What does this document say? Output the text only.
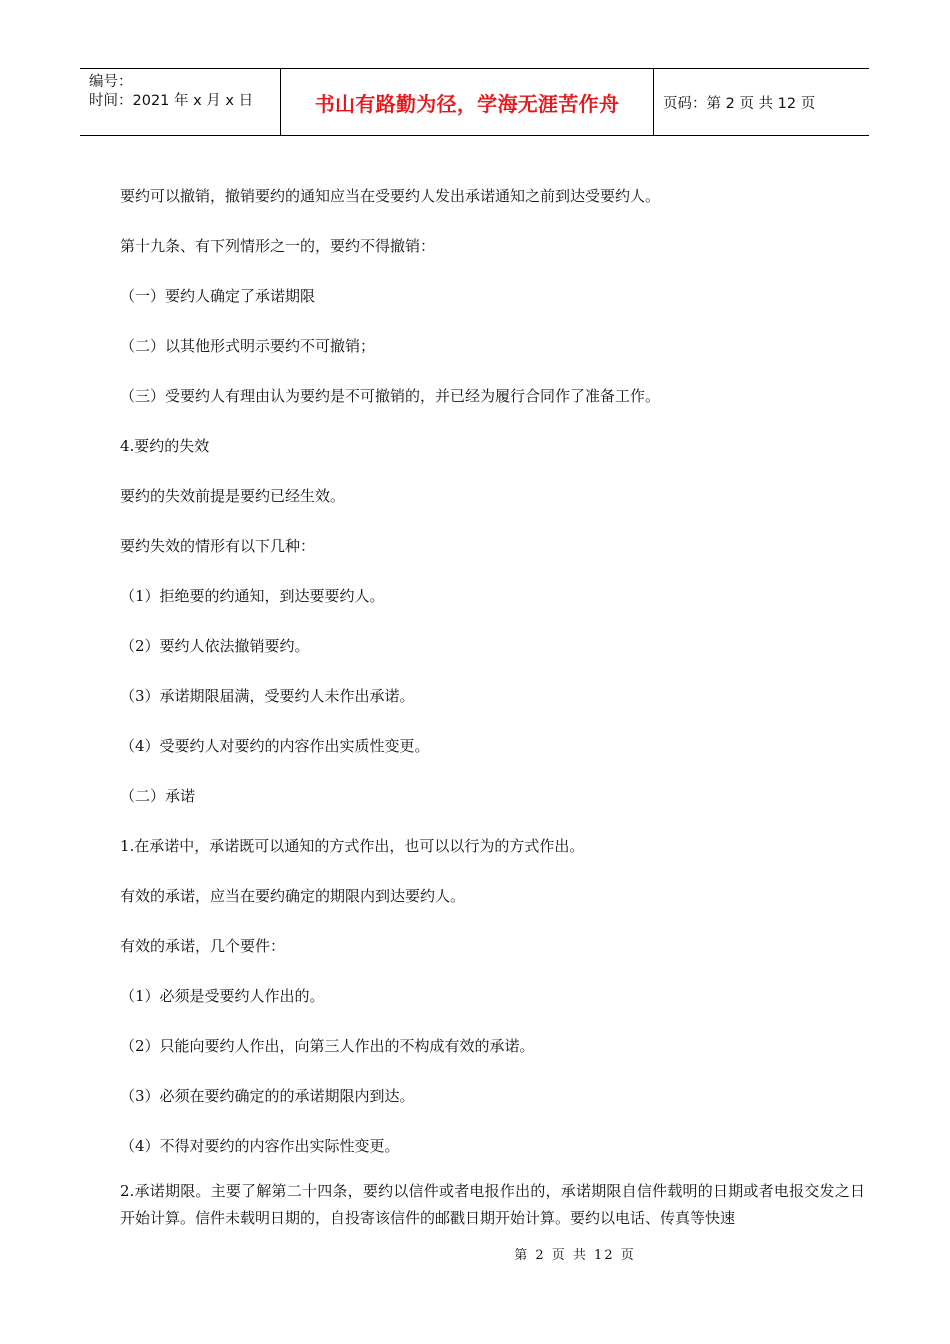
编号：
时间：2021 年 x 月 x 日	书山有路勤为径，学海无涯苦作舟	页码：第 2 页 共 12 页

要约可以撤销，撤销要约的通知应当在受要约人发出承诺通知之前到达受要约人。

第十九条、有下列情形之一的，要约不得撤销：

（一）要约人确定了承诺期限

（二）以其他形式明示要约不可撤销；

（三）受要约人有理由认为要约是不可撤销的，并已经为履行合同作了准备工作。

4.要约的失效

要约的失效前提是要约已经生效。

要约失效的情形有以下几种：

（1）拒绝要的约通知，到达要要约人。

（2）要约人依法撤销要约。

（3）承诺期限届满，受要约人未作出承诺。

（4）受要约人对要约的内容作出实质性变更。

（二）承诺

1.在承诺中，承诺既可以通知的方式作出，也可以以行为的方式作出。

有效的承诺，应当在要约确定的期限内到达要约人。

有效的承诺，几个要件：

（1）必须是受要约人作出的。

（2）只能向要约人作出，向第三人作出的不构成有效的承诺。

（3）必须在要约确定的的承诺期限内到达。

（4）不得对要约的内容作出实际性变更。

2.承诺期限。主要了解第二十四条，要约以信件或者电报作出的，承诺期限自信件载明的日期或者电报交发之日开始计算。信件未载明日期的，自投寄该信件的邮戳日期开始计算。要约以电话、传真等快速
第 2 页 共 12 页
